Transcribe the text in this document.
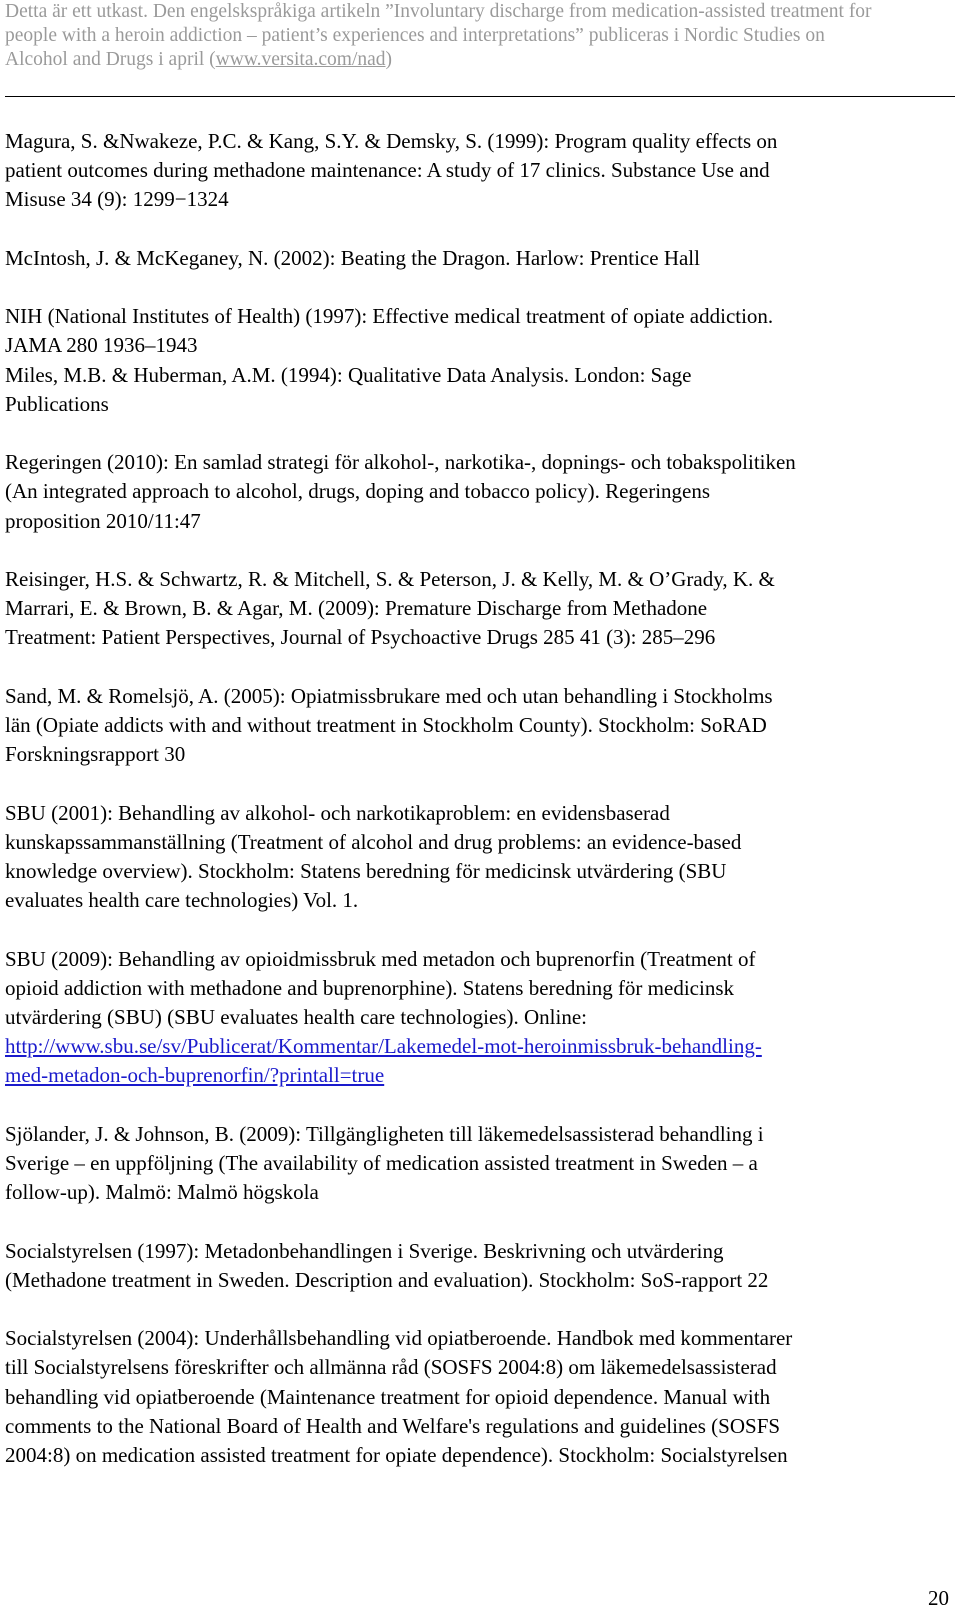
Detta är ett utkast. Den engelskspråkiga artikeln ”Involuntary discharge from medication-assisted treatment for
people with a heroin addiction – patient’s experiences and interpretations” publiceras i Nordic Studies on
Alcohol and Drugs i april (www.versita.com/nad)
Magura, S. &Nwakeze, P.C. & Kang, S.Y. & Demsky, S. (1999): Program quality effects on
patient outcomes during methadone maintenance: A study of 17 clinics. Substance Use and
Misuse 34 (9): 1299−1324
McIntosh, J. & McKeganey, N. (2002): Beating the Dragon. Harlow: Prentice Hall
NIH (National Institutes of Health) (1997): Effective medical treatment of opiate addiction.
JAMA 280 1936–1943
Miles, M.B. & Huberman, A.M. (1994): Qualitative Data Analysis. London: Sage
Publications
Regeringen (2010): En samlad strategi för alkohol-, narkotika-, dopnings- och tobakspolitiken
(An integrated approach to alcohol, drugs, doping and tobacco policy). Regeringens
proposition 2010/11:47
Reisinger, H.S. & Schwartz, R. & Mitchell, S. & Peterson, J. & Kelly, M. & O’Grady, K. &
Marrari, E. & Brown, B. & Agar, M. (2009): Premature Discharge from Methadone
Treatment: Patient Perspectives, Journal of Psychoactive Drugs 285 41 (3): 285–296
Sand, M. & Romelsjö, A. (2005): Opiatmissbrukare med och utan behandling i Stockholms
län (Opiate addicts with and without treatment in Stockholm County). Stockholm: SoRAD
Forskningsrapport 30
SBU (2001): Behandling av alkohol- och narkotikaproblem: en evidensbaserad
kunskapssammanställning (Treatment of alcohol and drug problems: an evidence-based
knowledge overview). Stockholm: Statens beredning för medicinsk utvärdering (SBU
evaluates health care technologies) Vol. 1.
SBU (2009): Behandling av opioidmissbruk med metadon och buprenorfin (Treatment of
opioid addiction with methadone and buprenorphine). Statens beredning för medicinsk
utvärdering (SBU) (SBU evaluates health care technologies). Online:
http://www.sbu.se/sv/Publicerat/Kommentar/Lakemedel-mot-heroinmissbruk-behandling-
med-metadon-och-buprenorfin/?printall=true
Sjölander, J. & Johnson, B. (2009): Tillgängligheten till läkemedelsassisterad behandling i
Sverige – en uppföljning (The availability of medication assisted treatment in Sweden – a
follow-up). Malmö: Malmö högskola
Socialstyrelsen (1997): Metadonbehandlingen i Sverige. Beskrivning och utvärdering
(Methadone treatment in Sweden. Description and evaluation). Stockholm: SoS-rapport 22
Socialstyrelsen (2004): Underhållsbehandling vid opiatberoende. Handbok med kommentarer
till Socialstyrelsens föreskrifter och allmänna råd (SOSFS 2004:8) om läkemedelsassisterad
behandling vid opiatberoende (Maintenance treatment for opioid dependence. Manual with
comments to the National Board of Health and Welfare's regulations and guidelines (SOSFS
2004:8) on medication assisted treatment for opiate dependence). Stockholm: Socialstyrelsen
20
